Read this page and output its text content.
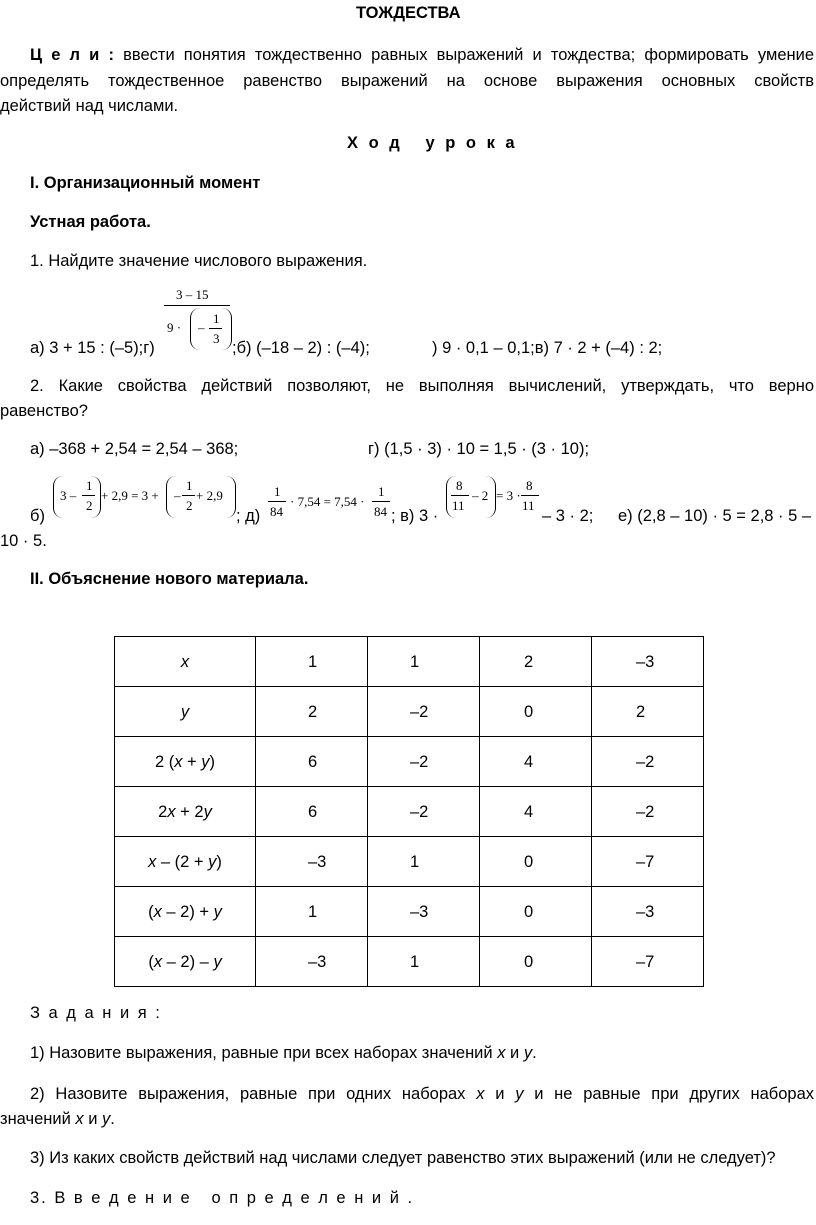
ТОЖДЕСТВА
Ц е л и : ввести понятия тождественно равных выражений и тождества; формировать умение
определять тождественное равенство выражений на основе выражения основных свойств
действий над числами.
Х о д   у р о к а
I. Организационный момент
Устная работа.
1. Найдите значение числового выражения.
3 – 15
9 · –
1
3
а) 3 + 15 : (–5);г)	;б) (–18 – 2) : (–4);	) 9 · 0,1 – 0,1;в) 7 · 2 + (–4) : 2;
2. Какие свойства действий позволяют, не выполняя вычислений, утверждать, что верно
равенство?
а) –368 + 2,54 = 2,54 – 368;	г) (1,5 · 3) · 10 = 1,5 · (3 · 10);
б)
3 –
1
2
+ 2,9 = 3 + –
1
2
+ 2,9
; д)
1
84
· 7,54 = 7,54 ·
1
84 ; в) 3 ·
8
11
– 2 = 3 ·
8
11
– 3 · 2; е) (2,8 – 10) · 5 = 2,8 · 5 –
10 · 5.
II. Объяснение нового материала.
x	1	1	2	–3
y	2	–2	0	2
2 (x + y)	6	–2	4	–2
2x + 2y	6	–2	4	–2
x – (2 + y)	–3	1	0	–7
(x – 2) + y	1	–3	0	–3
(x – 2) – y	–3	1	0	–7
З а д а н и я :
1) Назовите выражения, равные при всех наборах значений x и y.
2) Назовите выражения, равные при одних наборах x и y и не равные при других наборах
значений x и y.
3) Из каких свойств действий над числами следует равенство этих выражений (или не следует)?
3. В в е д е н и е   о п р е д е л е н и й .
